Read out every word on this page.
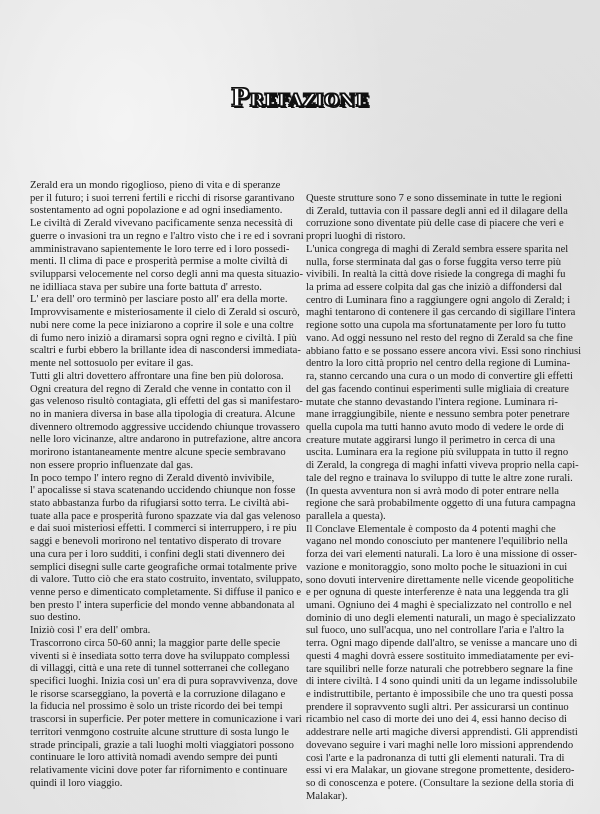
Prefazione
Zerald era un mondo rigoglioso, pieno di vita e di speranze
per il futuro; i suoi terreni fertili e ricchi di risorse garantivano
sostentamento ad ogni popolazione e ad ogni insediamento.
Le civiltà di Zerald vivevano pacificamente senza necessità di
guerre o invasioni tra un regno e l'altro visto che i re ed i sovrani
amministravano sapientemente le loro terre ed i loro possedi-
menti. Il clima di pace e prosperità permise a molte civiltà di
svilupparsi velocemente nel corso degli anni ma questa situazio-
ne idilliaca stava per subire una forte battuta d' arresto.
L' era dell' oro terminò per lasciare posto all' era della morte.
Improvvisamente e misteriosamente il cielo di Zerald si oscurò,
nubi nere come la pece iniziarono a coprire il sole e una coltre
di fumo nero iniziò a diramarsi sopra ogni regno e civiltà. I più
scaltri e furbi ebbero la brillante idea di nascondersi immediata-
mente nel sottosuolo per evitare il gas.
Tutti gli altri dovettero affrontare una fine ben più dolorosa.
Ogni creatura del regno di Zerald che venne in contatto con il
gas velenoso risultò contagiata, gli effetti del gas si manifestaro-
no in maniera diversa in base alla tipologia di creatura. Alcune
divennero oltremodo aggressive uccidendo chiunque trovassero
nelle loro vicinanze, altre andarono in putrefazione, altre ancora
morirono istantaneamente mentre alcune specie sembravano
non essere proprio influenzate dal gas.
In poco tempo l' intero regno di Zerald diventò invivibile,
l' apocalisse si stava scatenando uccidendo chiunque non fosse
stato abbastanza furbo da rifugiarsi sotto terra. Le civiltà abi-
tuate alla pace e prosperità furono spazzate via dal gas velenoso
e dai suoi misteriosi effetti. I commerci si interruppero, i re piu
saggi e benevoli morirono nel tentativo disperato di trovare
una cura per i loro sudditi, i confini degli stati divennero dei
semplici disegni sulle carte geografiche ormai totalmente prive
di valore. Tutto ciò che era stato costruito, inventato, sviluppato,
venne perso e dimenticato completamente. Si diffuse il panico e
ben presto l' intera superficie del mondo venne abbandonata al
suo destino.
Iniziò così l' era dell' ombra.
Trascorrono circa 50-60 anni; la maggior parte delle specie
viventi si è insediata sotto terra dove ha sviluppato complessi
di villaggi, città e una rete di tunnel sotterranei che collegano
specifici luoghi. Inizia così un' era di pura sopravvivenza, dove
le risorse scarseggiano, la povertà e la corruzione dilagano e
la fiducia nel prossimo è solo un triste ricordo dei bei tempi
trascorsi in superficie. Per poter mettere in comunicazione i vari
territori venmgono costruite alcune strutture di sosta lungo le
strade principali, grazie a tali luoghi molti viaggiatori possono
continuare le loro attività nomadi avendo sempre dei punti
relativamente vicini dove poter far rifornimento e continuare
quindi il loro viaggio.
Queste strutture sono 7 e sono disseminate in tutte le regioni
di Zerald, tuttavia con il passare degli anni ed il dilagare della
corruzione sono diventate più delle case di piacere che veri e
propri luoghi di ristoro.
L'unica congrega di maghi di Zerald sembra essere sparita nel
nulla, forse sterminata dal gas o forse fuggita verso terre più
vivibili. In realtà la città dove risiede la congrega di maghi fu
la prima ad essere colpita dal gas che iniziò a diffondersi dal
centro di Luminara fino a raggiungere ogni angolo di Zerald; i
maghi tentarono di contenere il gas cercando di sigillare l'intera
regione sotto una cupola ma sfortunatamente per loro fu tutto
vano. Ad oggi nessuno nel resto del regno di Zerald sa che fine
abbiano fatto e se possano essere ancora vivi. Essi sono rinchiusi
dentro la loro città proprio nel centro della regione di Lumina-
ra, stanno cercando una cura o un modo di convertire gli effetti
del gas facendo continui esperimenti sulle migliaia di creature
mutate che stanno devastando l'intera regione. Luminara ri-
mane irraggiungibile, niente e nessuno sembra poter penetrare
quella cupola ma tutti hanno avuto modo di vedere le orde di
creature mutate aggirarsi lungo il perimetro in cerca di una
uscita. Luminara era la regione più sviluppata in tutto il regno
di Zerald, la congrega di maghi infatti viveva proprio nella capi-
tale del regno e trainava lo sviluppo di tutte le altre zone rurali.
(In questa avventura non si avrà modo di poter entrare nella
regione che sarà probabilmente oggetto di una futura campagna
parallela a questa).
Il Conclave Elementale è composto da 4 potenti maghi che
vagano nel mondo conosciuto per mantenere l'equilibrio nella
forza dei vari elementi naturali. La loro è una missione di osser-
vazione e monitoraggio, sono molto poche le situazioni in cui
sono dovuti intervenire direttamente nelle vicende geopolitiche
e per ognuna di queste interferenze è nata una leggenda tra gli
umani. Ogniuno dei 4 maghi è specializzato nel controllo e nel
dominio di uno degli elementi naturali, un mago è specializzato
sul fuoco, uno sull'acqua, uno nel controllare l'aria e l'altro la
terra. Ogni mago dipende dall'altro, se venisse a mancare uno di
questi 4 maghi dovrà essere sostituito immediatamente per evi-
tare squilibri nelle forze naturali che potrebbero segnare la fine
di intere civiltà. I 4 sono quindi uniti da un legame indissolubile
e indistruttibile, pertanto è impossibile che uno tra questi possa
prendere il sopravvento sugli altri. Per assicurarsi un continuo
ricambio nel caso di morte dei uno dei 4, essi hanno deciso di
addestrare nelle arti magiche diversi apprendisti. Gli apprendisti
dovevano seguire i vari maghi nelle loro missioni apprendendo
così l'arte e la padronanza di tutti gli elementi naturali. Tra di
essi vi era Malakar, un giovane stregone promettente, desidero-
so di conoscenza e potere. (Consultare la sezione della storia di
Malakar).
